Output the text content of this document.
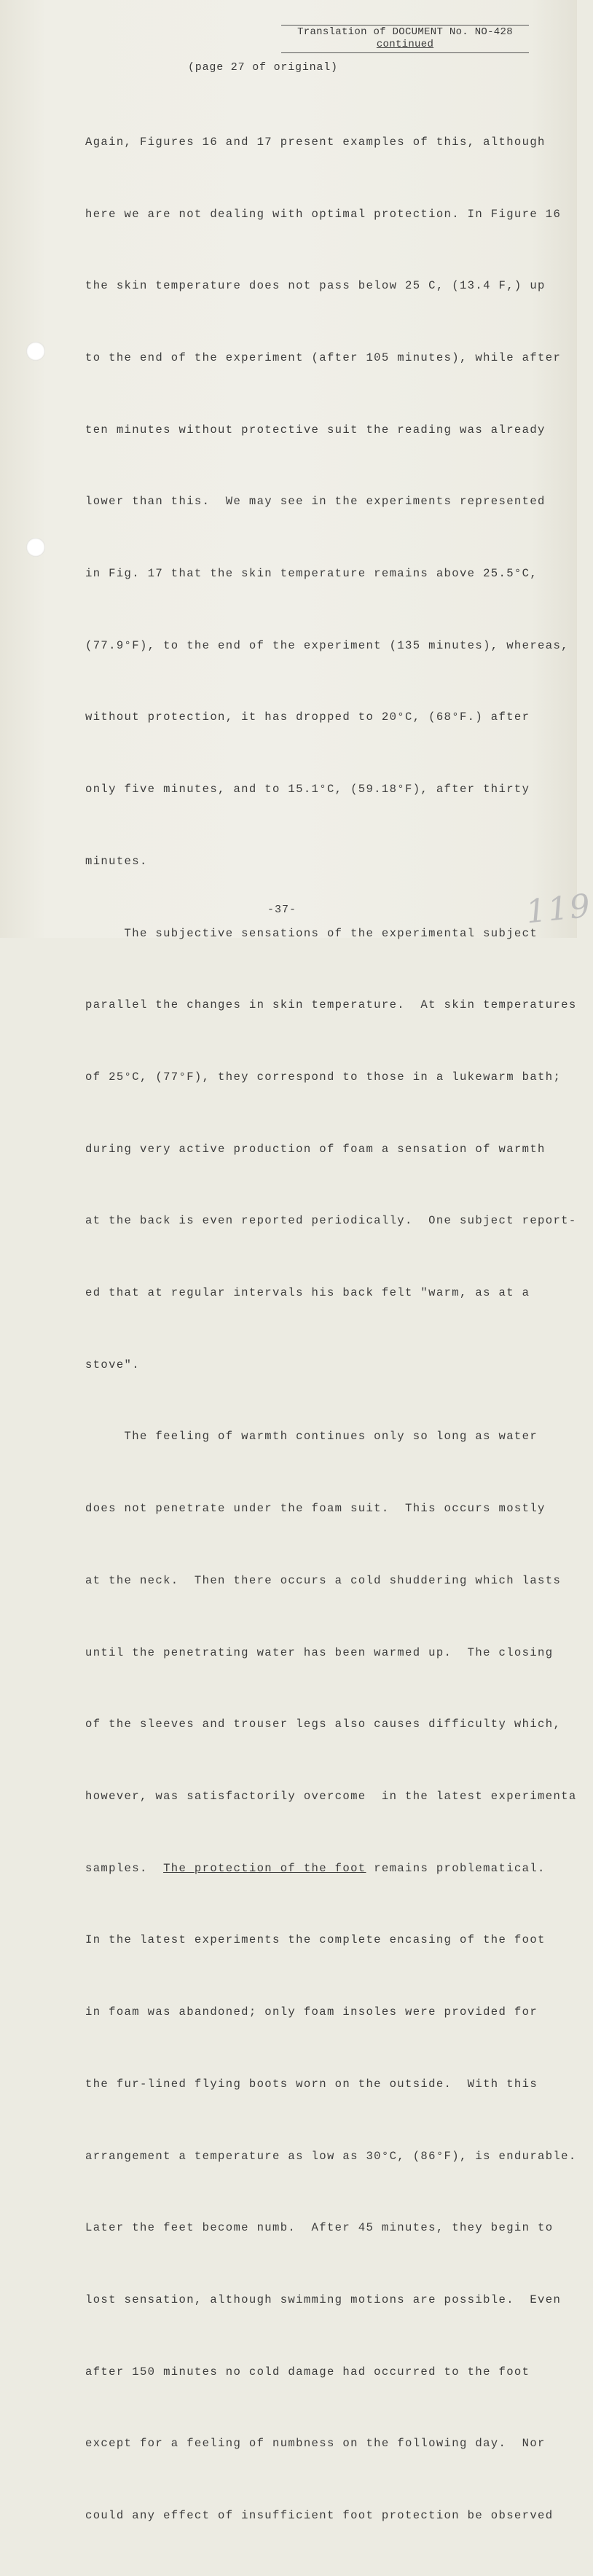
Translation of DOCUMENT No. NO-428
continued
(page 27 of original)

Again, Figures 16 and 17 present examples of this, although

here we are not dealing with optimal protection. In Figure 16

the skin temperature does not pass below 25 C, (13.4 F,) up

to the end of the experiment (after 105 minutes), while after

ten minutes without protective suit the reading was already

lower than this.  We may see in the experiments represented

in Fig. 17 that the skin temperature remains above 25.5°C,

(77.9°F), to the end of the experiment (135 minutes), whereas,

without protection, it has dropped to 20°C, (68°F.) after

only five minutes, and to 15.1°C, (59.18°F), after thirty

minutes.

The subjective sensations of the experimental subject

parallel the changes in skin temperature.  At skin temperatures

of 25°C, (77°F), they correspond to those in a lukewarm bath;

during very active production of foam a sensation of warmth

at the back is even reported periodically.  One subject report-

ed that at regular intervals his back felt "warm, as at a

stove".

The feeling of warmth continues only so long as water

does not penetrate under the foam suit.  This occurs mostly

at the neck.  Then there occurs a cold shuddering which lasts

until the penetrating water has been warmed up.  The closing

of the sleeves and trouser legs also causes difficulty which,

however, was satisfactorily overcome  in the latest experimenta

samples.  The protection of the foot remains problematical.

In the latest experiments the complete encasing of the foot

in foam was abandoned; only foam insoles were provided for

the fur-lined flying boots worn on the outside.  With this

arrangement a temperature as low as 30°C, (86°F), is endurable.

Later the feet become numb.  After 45 minutes, they begin to

lost sensation, although swimming motions are possible.  Even

after 150 minutes no cold damage had occurred to the foot

except for a feeling of numbness on the following day.  Nor

could any effect of insufficient foot protection be observed

-37-	119
